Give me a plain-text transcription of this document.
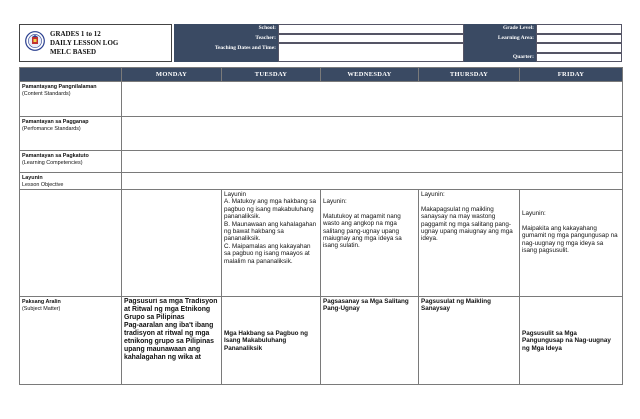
GRADES 1 to 12
DAILY LESSON LOG
MELC BASED
School:
Teacher:
Teaching Dates and Time:
Grade Level:
Learning Area:
Quarter:
	MONDAY	TUESDAY	WEDNESDAY	THURSDAY	FRIDAY

Pamantayang Pangnilalaman
(Content Standards)					

Pamantayan sa Pagganap
(Perfomance Standards)					

Pamantayan sa Pagkatuto
(Learning Competencies)					

Layunin
Lesson Objective					

		Layunin
A. Matukoy ang mga hakbang sa pagbuo ng isang makabuluhang pananaliksik.
B. Maunawaan ang kahalagahan ng bawat hakbang sa pananaliksik.
C. Maipamalas ang kakayahan sa pagbuo ng isang maayos at malalim na pananaliksik.	Layunin:

Matutukoy at magamit nang wasto ang angkop na mga salitang pang-ugnay upang maiugnay ang mga ideya sa isang sulatin.	Layunin:

Makapagsulat ng maikling sanaysay na may wastong paggamit ng mga salitang pang-ugnay upang maiugnay ang mga ideya.	Layunin:

Maipakita ang kakayahang gumamit ng mga pangungusap na nag-uugnay ng mga ideya sa isang pagsusulit.

Paksang Aralin
(Subject Matter)	Pagsusuri sa mga Tradisyon at Ritwal ng mga Etnikong Grupo sa Pilipinas
Pag-aaralan ang iba't ibang tradisyon at ritwal ng mga etnikong grupo sa Pilipinas upang maunawaan ang kahalagahan ng wika at	Mga Hakbang sa Pagbuo ng Isang Makabuluhang Pananaliksik	Pagsasanay sa Mga Salitang Pang-Ugnay	Pagsusulat ng Maikling Sanaysay	Pagsusulit sa Mga Pangungusap na Nag-uugnay ng Mga Ideya
